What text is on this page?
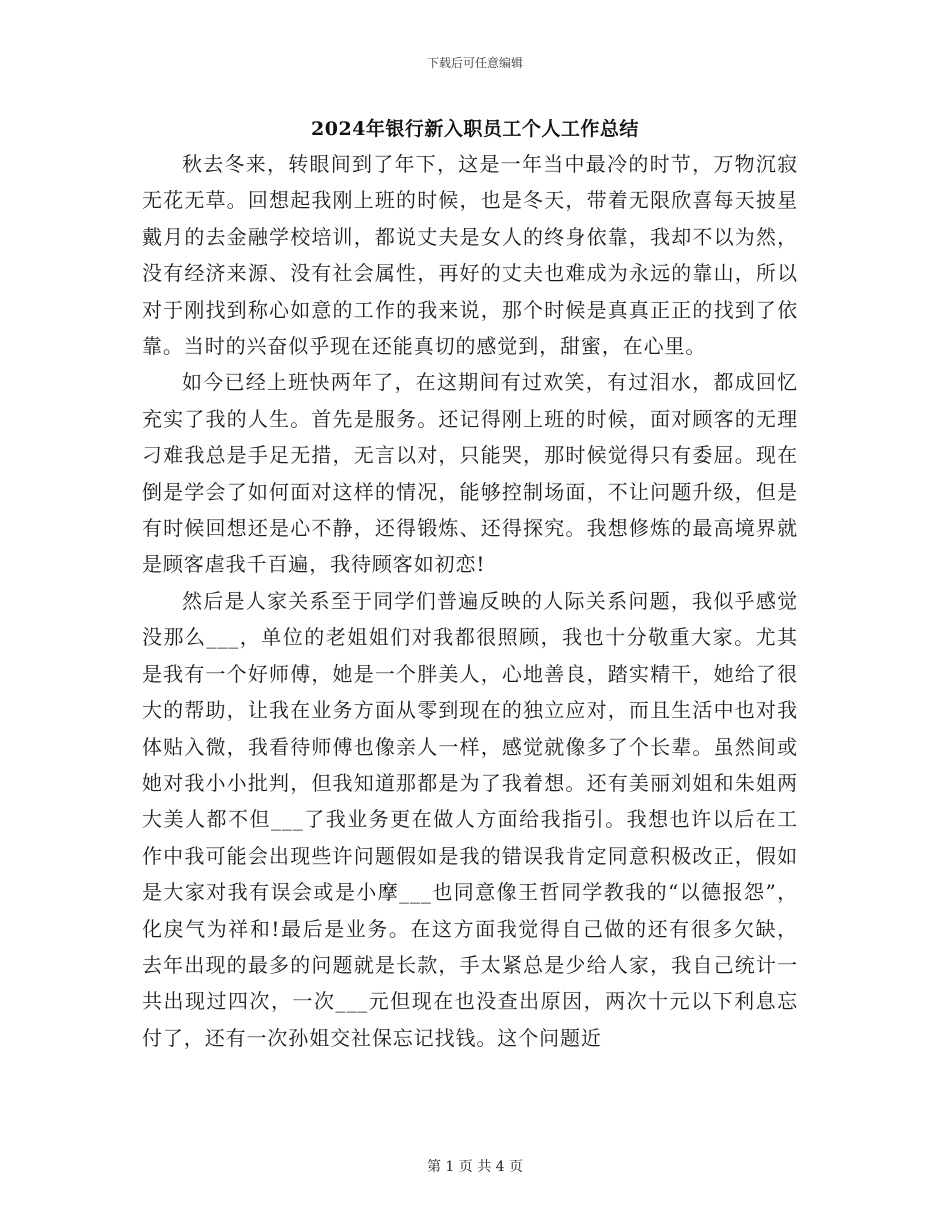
下载后可任意编辑
2024年银行新入职员工个人工作总结

秋去冬来，转眼间到了年下，这是一年当中最冷的时节，万物沉寂无花无草。回想起我刚上班的时候，也是冬天，带着无限欣喜每天披星戴月的去金融学校培训，都说丈夫是女人的终身依靠，我却不以为然，没有经济来源、没有社会属性，再好的丈夫也难成为永远的靠山，所以对于刚找到称心如意的工作的我来说，那个时候是真真正正的找到了依靠。当时的兴奋似乎现在还能真切的感觉到，甜蜜，在心里。

如今已经上班快两年了，在这期间有过欢笑，有过泪水，都成回忆充实了我的人生。首先是服务。还记得刚上班的时候，面对顾客的无理刁难我总是手足无措，无言以对，只能哭，那时候觉得只有委屈。现在倒是学会了如何面对这样的情况，能够控制场面，不让问题升级，但是有时候回想还是心不静，还得锻炼、还得探究。我想修炼的最高境界就是顾客虐我千百遍，我待顾客如初恋!

然后是人家关系至于同学们普遍反映的人际关系问题，我似乎感觉没那么___，单位的老姐姐们对我都很照顾，我也十分敬重大家。尤其是我有一个好师傅，她是一个胖美人，心地善良，踏实精干，她给了很大的帮助，让我在业务方面从零到现在的独立应对，而且生活中也对我体贴入微，我看待师傅也像亲人一样，感觉就像多了个长辈。虽然间或她对我小小批判，但我知道那都是为了我着想。还有美丽刘姐和朱姐两大美人都不但___了我业务更在做人方面给我指引。我想也许以后在工作中我可能会出现些许问题假如是我的错误我肯定同意积极改正，假如是大家对我有误会或是小摩___也同意像王哲同学教我的“以德报怨”，化戾气为祥和!最后是业务。在这方面我觉得自己做的还有很多欠缺，去年出现的最多的问题就是长款，手太紧总是少给人家，我自己统计一共出现过四次，一次___元但现在也没查出原因，两次十元以下利息忘付了，还有一次孙姐交社保忘记找钱。这个问题近

第 1 页 共 4 页
